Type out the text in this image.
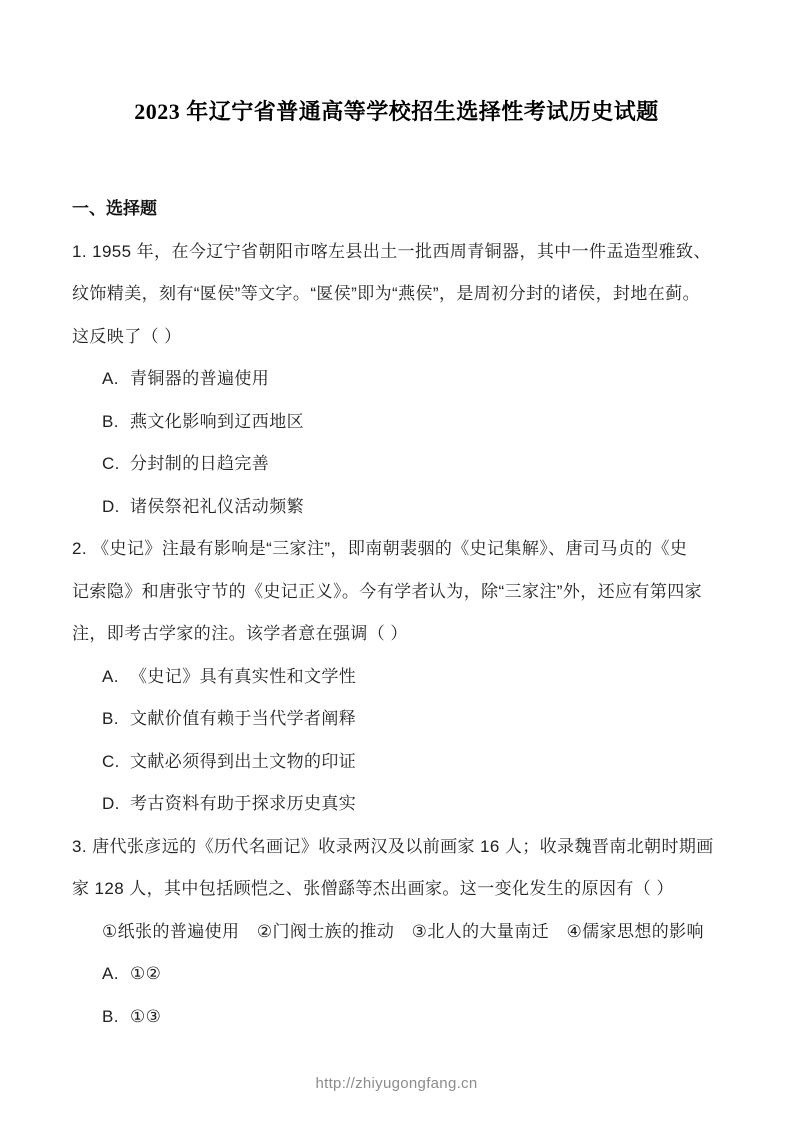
2023 年辽宁省普通高等学校招生选择性考试历史试题
一、选择题
1. 1955 年，在今辽宁省朝阳市喀左县出土一批西周青铜器，其中一件盂造型雅致、
纹饰精美，刻有“匽侯”等文字。“匽侯”即为“燕侯”，是周初分封的诸侯，封地在蓟。
这反映了（ ）
A. 青铜器的普遍使用
B. 燕文化影响到辽西地区
C. 分封制的日趋完善
D. 诸侯祭祀礼仪活动频繁
2. 《史记》注最有影响是“三家注”，即南朝裴骃的《史记集解》、唐司马贞的《史
记索隐》和唐张守节的《史记正义》。今有学者认为，除“三家注”外，还应有第四家
注，即考古学家的注。该学者意在强调（ ）
A. 《史记》具有真实性和文学性
B. 文献价值有赖于当代学者阐释
C. 文献必须得到出土文物的印证
D. 考古资料有助于探求历史真实
3. 唐代张彦远的《历代名画记》收录两汉及以前画家 16 人；收录魏晋南北朝时期画
家 128 人，其中包括顾恺之、张僧繇等杰出画家。这一变化发生的原因有（ ）
①纸张的普遍使用　②门阀士族的推动　③北人的大量南迁　④儒家思想的影响
A. ①②
B. ①③
http://zhiyugongfang.cn
